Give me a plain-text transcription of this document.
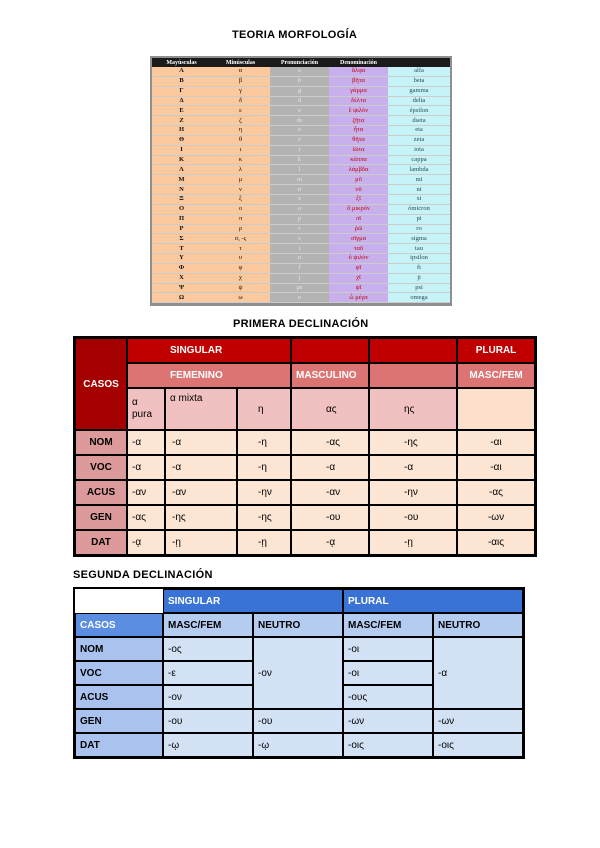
TEORIA MORFOLOGÍA
Mayúsculas	Minúsculas	Pronunciación	Denominación	
Α	α	a	ἄλφα	alfa
Β	β	b	βῆτα	beta
Γ	γ	g	γάμμα	gamma
Δ	δ	d	δέλτα	delta
Ε	ε	e	ἒ ψιλόν	épsilon
Ζ	ζ	ds	ζῆτα	dseta
Η	η	e	ἦτα	eta
Θ	θ	z	θῆτα	zeta
Ι	ι	i	ἰῶτα	iota
Κ	κ	k	κάππα	cappa
Λ	λ	l	λάμβδα	lambda
Μ	μ	m	μῦ	mi
Ν	ν	n	νῦ	ni
Ξ	ξ	x	ξῖ	xi
Ο	ο	o	ὂ μικρόν	ómicron
Π	π	p	πῖ	pi
Ρ	ρ	r	ῥῶ	ro
Σ	σ, -ς	s	σῖγμα	sigma
Τ	τ	t	ταῦ	tau
Υ	υ	u	ὖ ψιλόν	ipsilon
Φ	φ	f	φῖ	fi
Χ	χ	j	χῖ	ji
Ψ	ψ	ps	ψῖ	psi
Ω	ω	o	ὦ μέγα	omega
PRIMERA DECLINACIÓN
CASOS	SINGULAR					PLURAL
	FEMENINO			MASCULINO		MASC/FEM
	α pura	α mixta	η	ας	ης	
NOM	-α	-α	-η	-ας	-ης	-αι
VOC	-α	-α	-η	-α	-α	-αι
ACUS	-αν	-αν	-ην	-αν	-ην	-ας
GEN	-ας	-ης	-ης	-ου	-ου	-ων
DAT	-ᾳ	-ῃ	-ῃ	-ᾳ	-ῃ	-αις
SEGUNDA DECLINACIÓN
	SINGULAR		PLURAL	
CASOS	MASC/FEM	NEUTRO	MASC/FEM	NEUTRO
NOM	-ος	-ον	-οι	-α
VOC	-ε		-οι	
ACUS	-ον		-ους	
GEN	-ου	-ου	-ων	-ων
DAT	-ῳ	-ῳ	-οις	-οις
